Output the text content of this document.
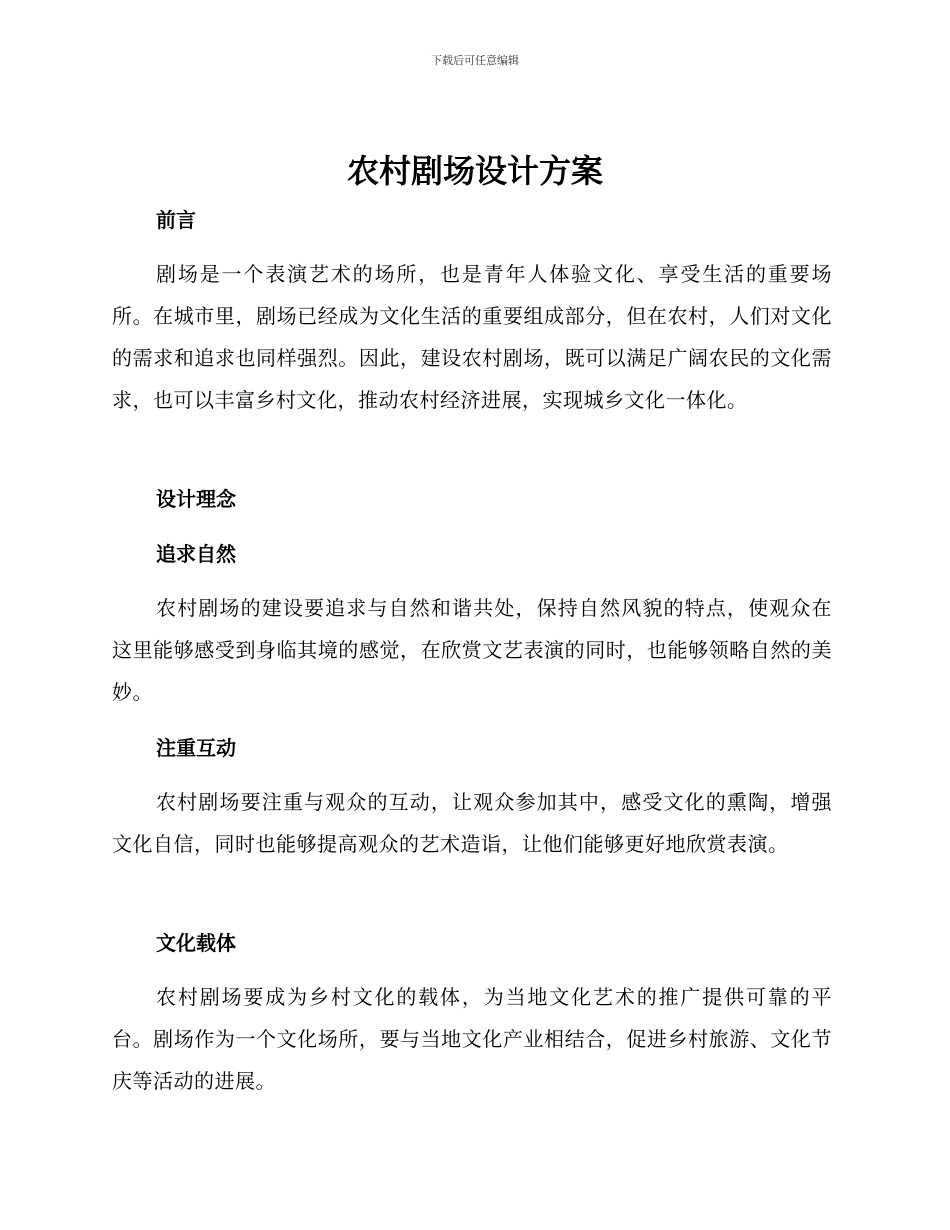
下载后可任意编辑
农村剧场设计方案
前言

剧场是一个表演艺术的场所，也是青年人体验文化、享受生活的重要场所。在城市里，剧场已经成为文化生活的重要组成部分，但在农村，人们对文化的需求和追求也同样强烈。因此，建设农村剧场，既可以满足广阔农民的文化需求，也可以丰富乡村文化，推动农村经济进展，实现城乡文化一体化。

设计理念
追求自然

农村剧场的建设要追求与自然和谐共处，保持自然风貌的特点，使观众在这里能够感受到身临其境的感觉，在欣赏文艺表演的同时，也能够领略自然的美妙。

注重互动

农村剧场要注重与观众的互动，让观众参加其中，感受文化的熏陶，增强文化自信，同时也能够提高观众的艺术造诣，让他们能够更好地欣赏表演。

文化载体

农村剧场要成为乡村文化的载体，为当地文化艺术的推广提供可靠的平台。剧场作为一个文化场所，要与当地文化产业相结合，促进乡村旅游、文化节庆等活动的进展。
